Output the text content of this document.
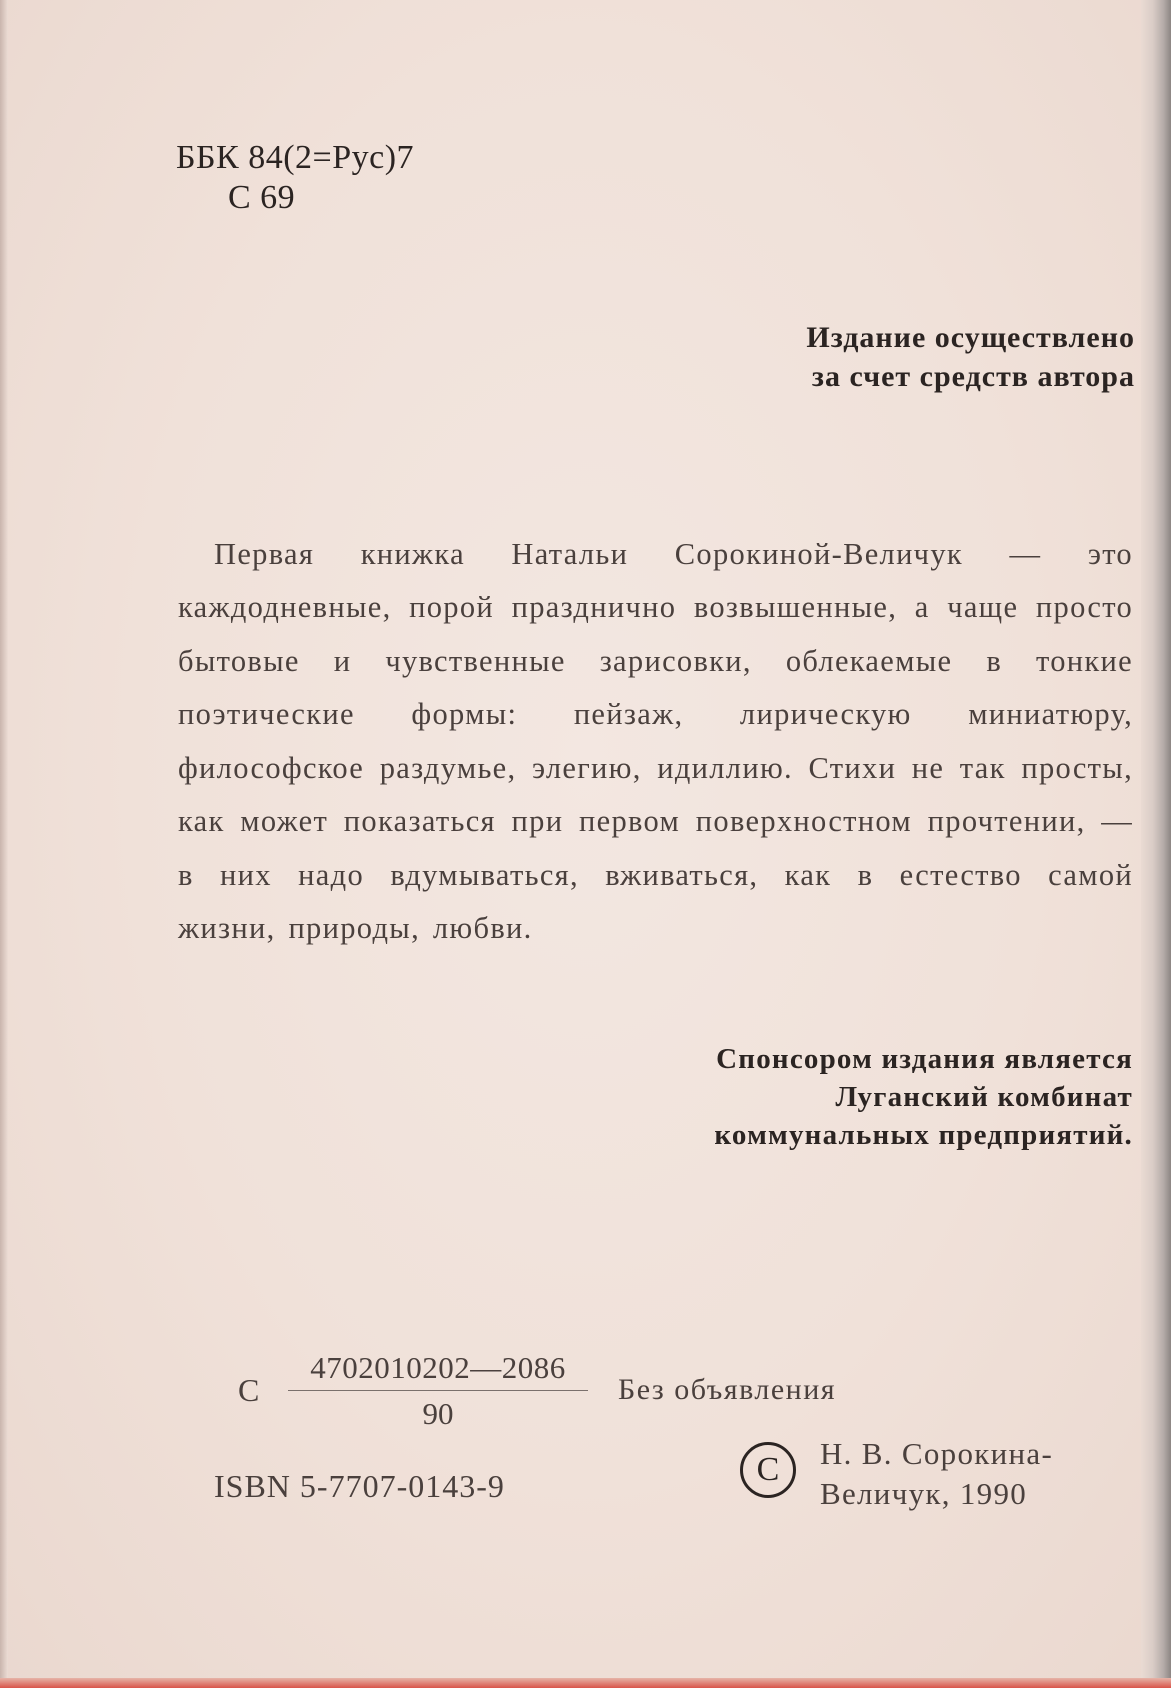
ББК 84(2=Рус)7
С 69
Издание осуществлено
за счет средств автора

Первая книжка Натальи Сорокиной-Величук — это каждодневные, порой празднично возвышенные, а чаще просто бытовые и чувственные зарисовки, облекаемые в тонкие поэтические формы: пейзаж, лирическую миниатюру, философское раздумье, элегию, идиллию. Стихи не так просты, как может показаться при первом поверхностном прочтении, — в них надо вдумываться, вживаться, как в естество самой жизни, природы, любви.

Спонсором издания является
Луганский комбинат
коммунальных предприятий.
С $\frac{4702010202—2086}{90}$ Без объявления
ISBN 5-7707-0143-9	С	Н. В. Сорокина-
Величук, 1990
